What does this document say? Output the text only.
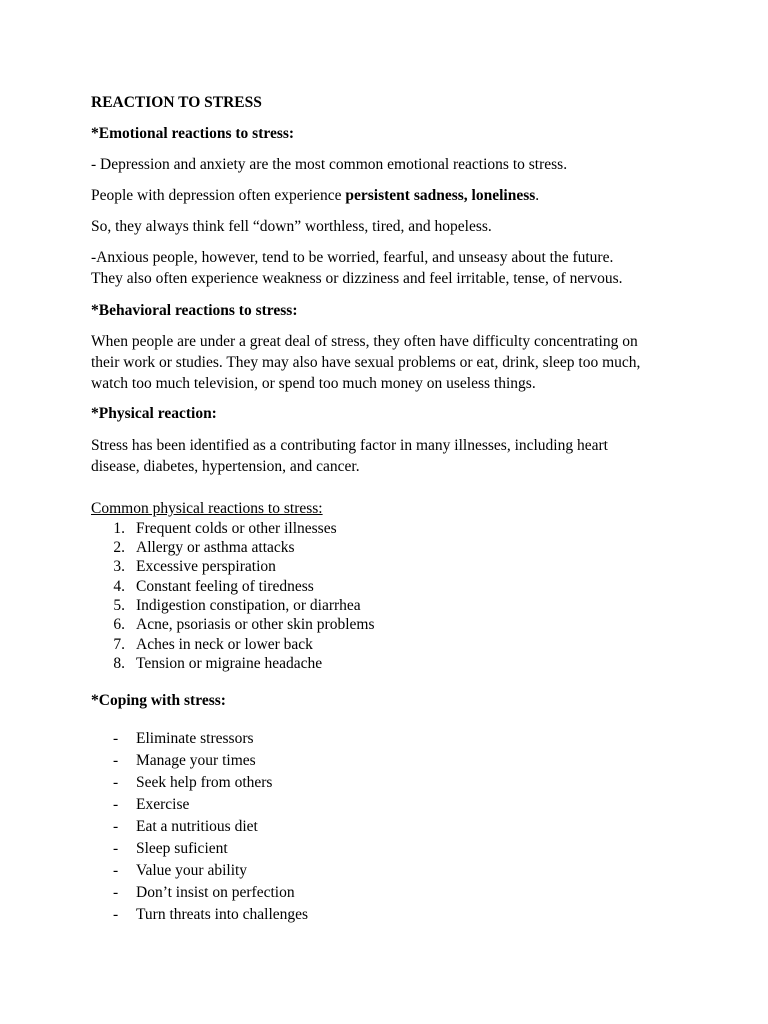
REACTION TO STRESS
*Emotional reactions to stress:
- Depression and anxiety are the most common emotional reactions to stress.
People with depression often experience persistent sadness, loneliness.
So, they always think fell “down” worthless, tired, and hopeless.
-Anxious people, however, tend to be worried, fearful, and unseasy about the future.
They also often experience weakness or dizziness and feel irritable, tense, of nervous.
*Behavioral reactions to stress:
When people are under a great deal of stress, they often have difficulty concentrating on
their work or studies. They may also have sexual problems or eat, drink, sleep too much,
watch too much television, or spend too much money on useless things.
*Physical reaction:
Stress has been identified as a contributing factor in many illnesses, including heart
disease, diabetes, hypertension, and cancer.
Common physical reactions to stress:
1. Frequent colds or other illnesses
2. Allergy or asthma attacks
3. Excessive perspiration
4. Constant feeling of tiredness
5. Indigestion constipation, or diarrhea
6. Acne, psoriasis or other skin problems
7. Aches in neck or lower back
8. Tension or migraine headache
*Coping with stress:
- Eliminate stressors
- Manage your times
- Seek help from others
- Exercise
- Eat a nutritious diet
- Sleep suficient
- Value your ability
- Don’t insist on perfection
- Turn threats into challenges
